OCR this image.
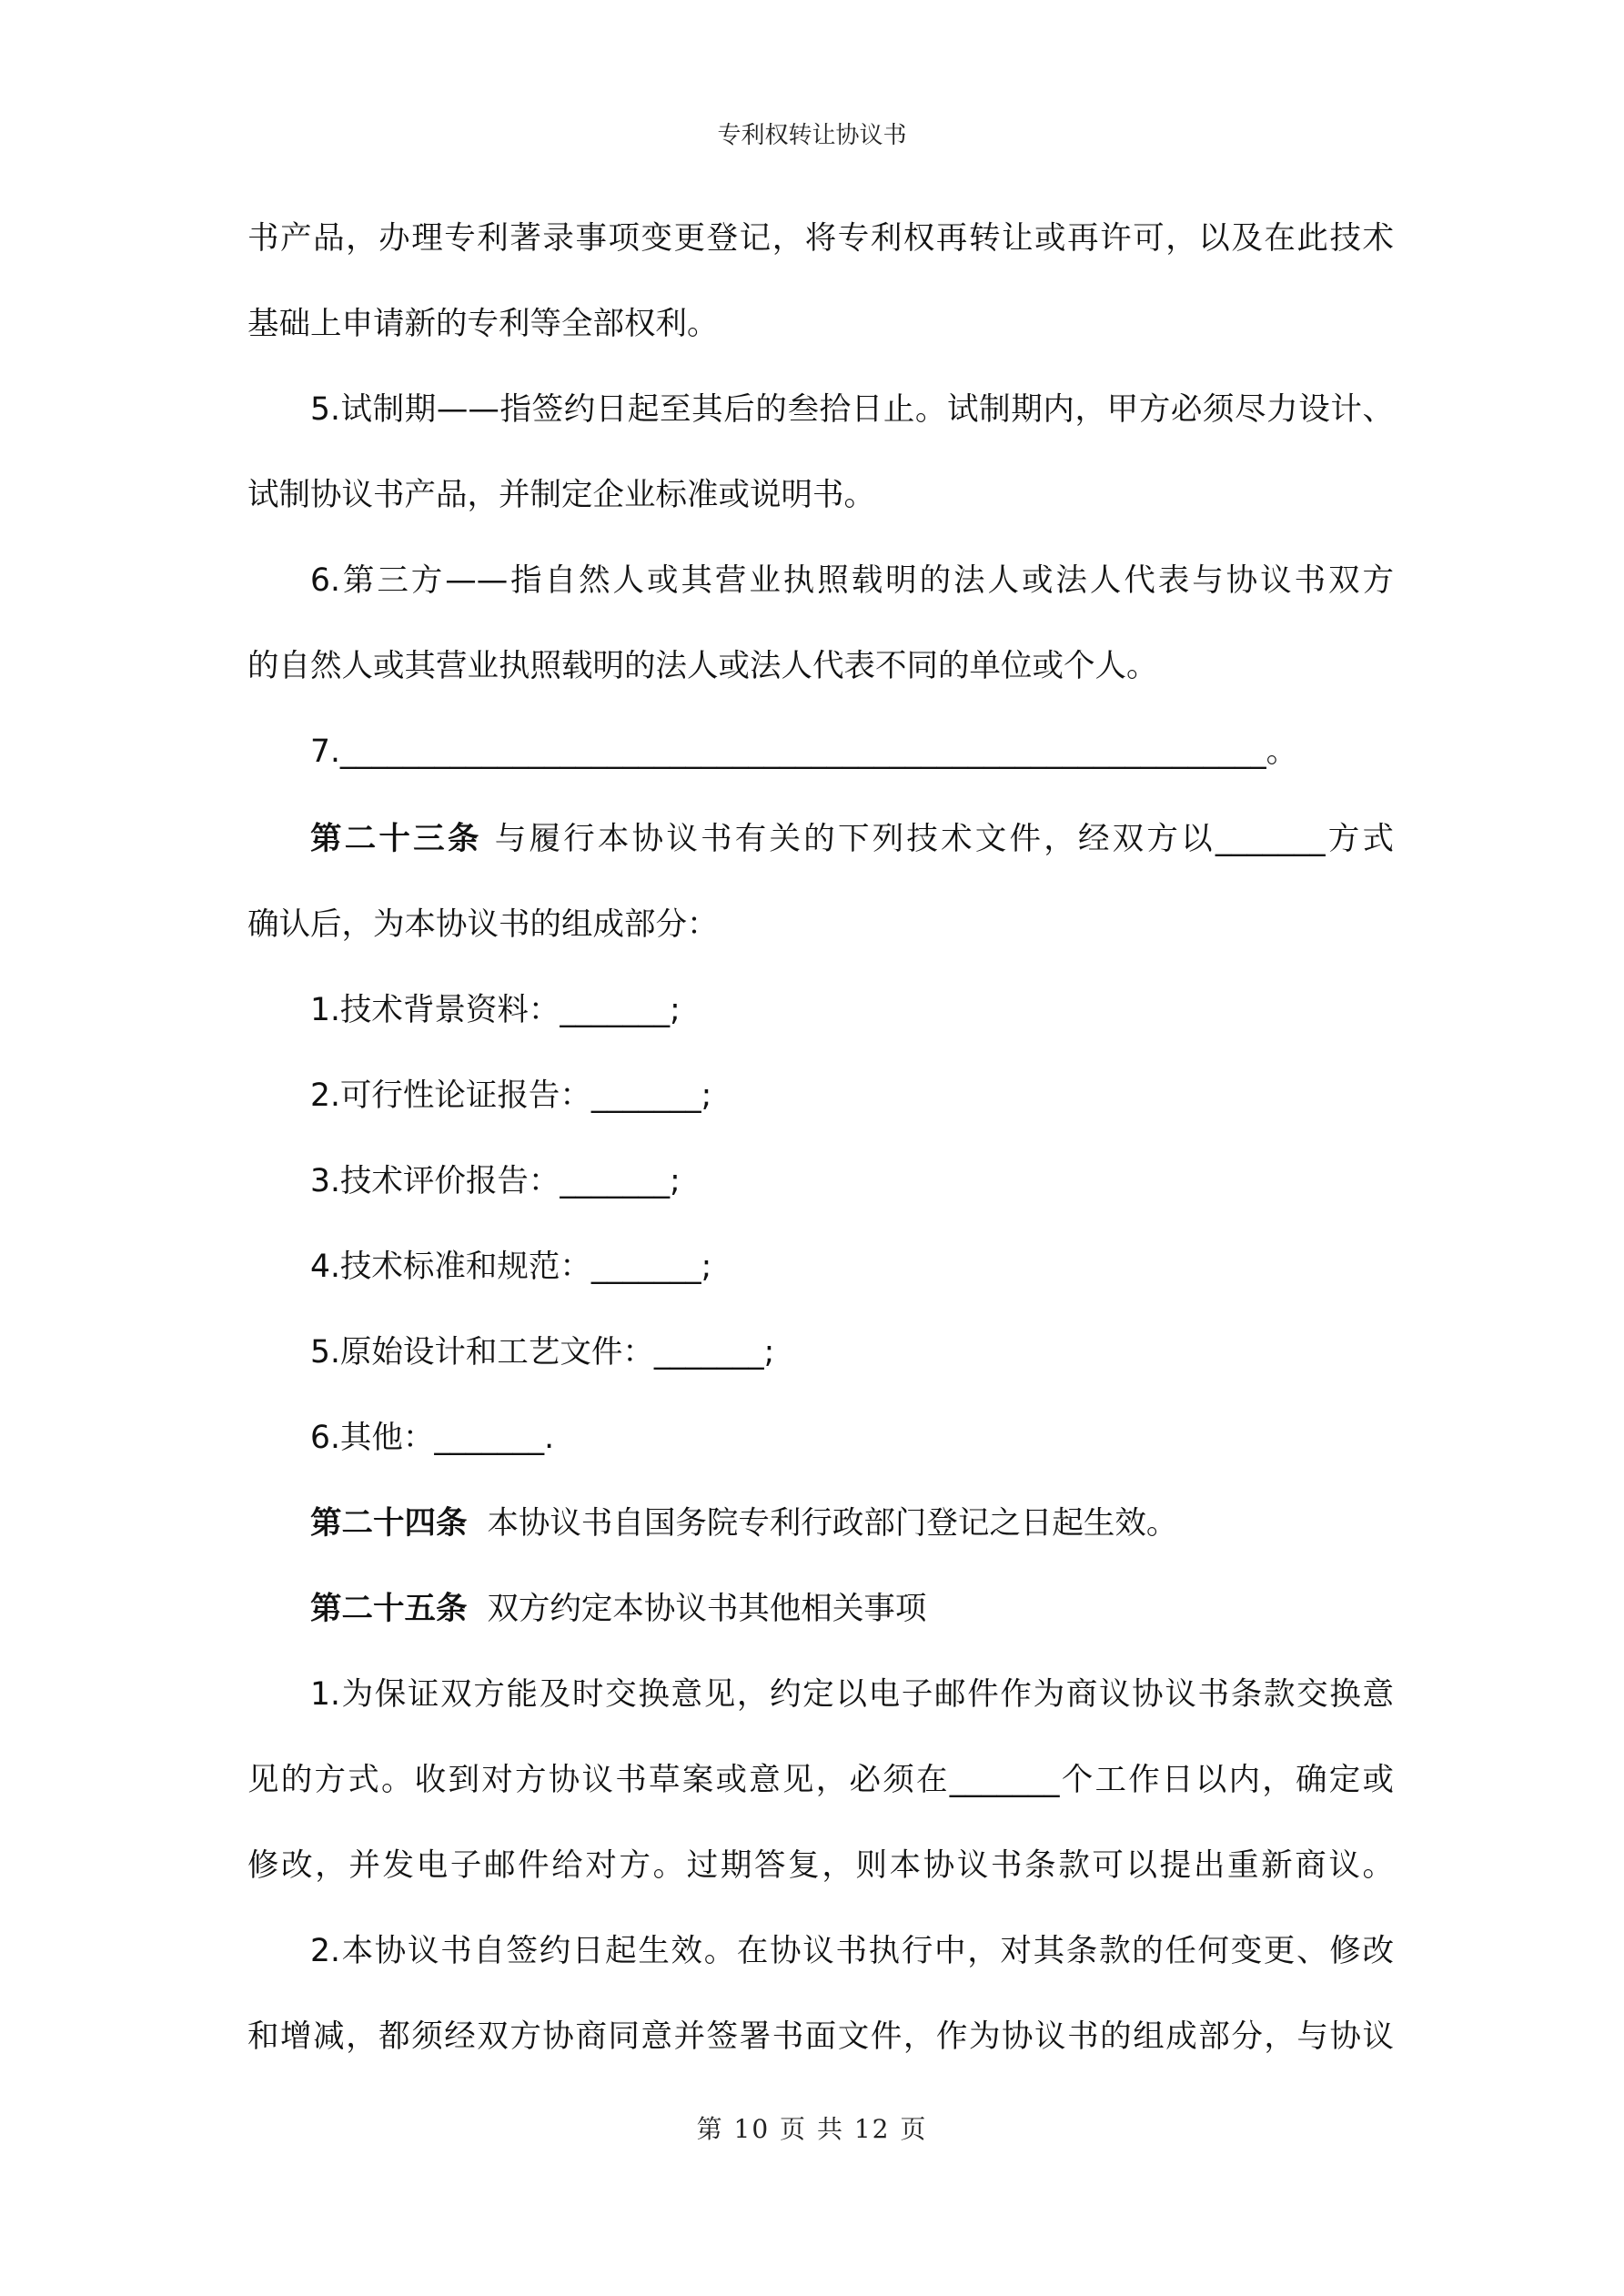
专利权转让协议书
书产品，办理专利著录事项变更登记，将专利权再转让或再许可，以及在此技术
基础上申请新的专利等全部权利。
5.试制期——指签约日起至其后的叁拾日止。试制期内，甲方必须尽力设计、
试制协议书产品，并制定企业标准或说明书。
6.第三方——指自然人或其营业执照载明的法人或法人代表与协议书双方
的自然人或其营业执照载明的法人或法人代表不同的单位或个人。
7.___________________________________________________________。
第二十三条 与履行本协议书有关的下列技术文件，经双方以_______方式
确认后，为本协议书的组成部分：
1.技术背景资料：_______;
2.可行性论证报告：_______;
3.技术评价报告：_______;
4.技术标准和规范：_______;
5.原始设计和工艺文件：_______;
6.其他：_______.
第二十四条 本协议书自国务院专利行政部门登记之日起生效。
第二十五条 双方约定本协议书其他相关事项
1.为保证双方能及时交换意见，约定以电子邮件作为商议协议书条款交换意
见的方式。收到对方协议书草案或意见，必须在_______个工作日以内，确定或
修改，并发电子邮件给对方。过期答复，则本协议书条款可以提出重新商议。
2.本协议书自签约日起生效。在协议书执行中，对其条款的任何变更、修改
和增减，都须经双方协商同意并签署书面文件，作为协议书的组成部分，与协议
第 10 页 共 12 页
